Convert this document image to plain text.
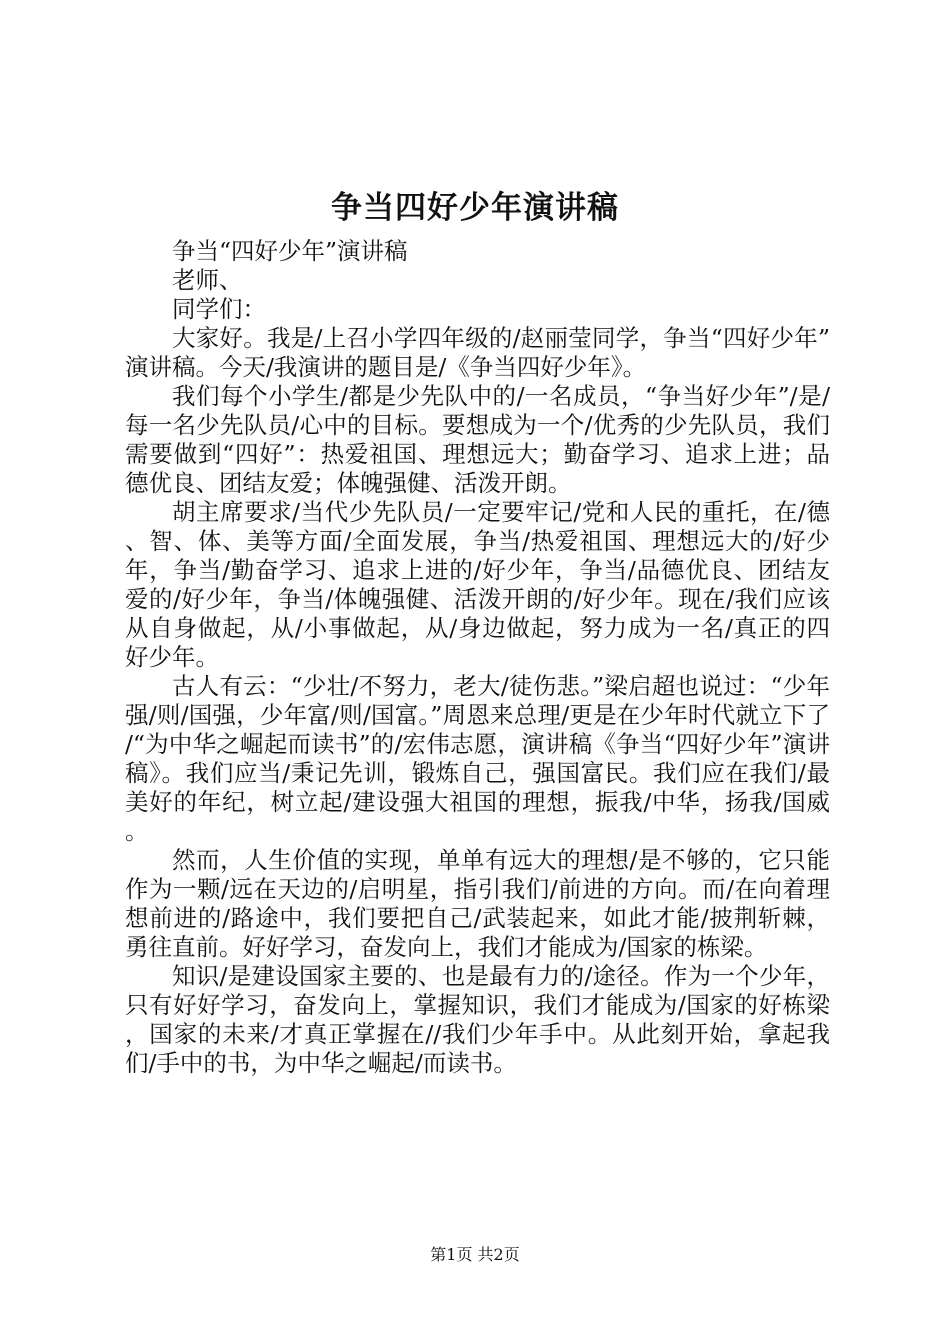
争当四好少年演讲稿

争当“四好少年”演讲稿

老师、

同学们：

大家好。我是/上召小学四年级的/赵丽莹同学，争当“四好少年”演讲稿。今天/我演讲的题目是/《争当四好少年》。

我们每个小学生/都是少先队中的/一名成员，“争当好少年”/是/每一名少先队员/心中的目标。要想成为一个/优秀的少先队员，我们需要做到“四好”：热爱祖国、理想远大；勤奋学习、追求上进；品德优良、团结友爱；体魄强健、活泼开朗。

胡主席要求/当代少先队员/一定要牢记/党和人民的重托，在/德、智、体、美等方面/全面发展，争当/热爱祖国、理想远大的/好少年，争当/勤奋学习、追求上进的/好少年，争当/品德优良、团结友爱的/好少年，争当/体魄强健、活泼开朗的/好少年。现在/我们应该从自身做起，从/小事做起，从/身边做起，努力成为一名/真正的四好少年。

古人有云：“少壮/不努力，老大/徒伤悲。”梁启超也说过：“少年强/则/国强，少年富/则/国富。”周恩来总理/更是在少年时代就立下了/“为中华之崛起而读书”的/宏伟志愿，演讲稿《争当“四好少年”演讲稿》。我们应当/秉记先训，锻炼自己，强国富民。我们应在我们/最美好的年纪，树立起/建设强大祖国的理想，振我/中华，扬我/国威。

然而，人生价值的实现，单单有远大的理想/是不够的，它只能作为一颗/远在天边的/启明星，指引我们/前进的方向。而/在向着理想前进的/路途中，我们要把自己/武装起来，如此才能/披荆斩棘，勇往直前。好好学习，奋发向上，我们才能成为/国家的栋梁。

知识/是建设国家主要的、也是最有力的/途径。作为一个少年，只有好好学习，奋发向上，掌握知识，我们才能成为/国家的好栋梁，国家的未来/才真正掌握在//我们少年手中。从此刻开始，拿起我们/手中的书，为中华之崛起/而读书。

第1页 共2页
